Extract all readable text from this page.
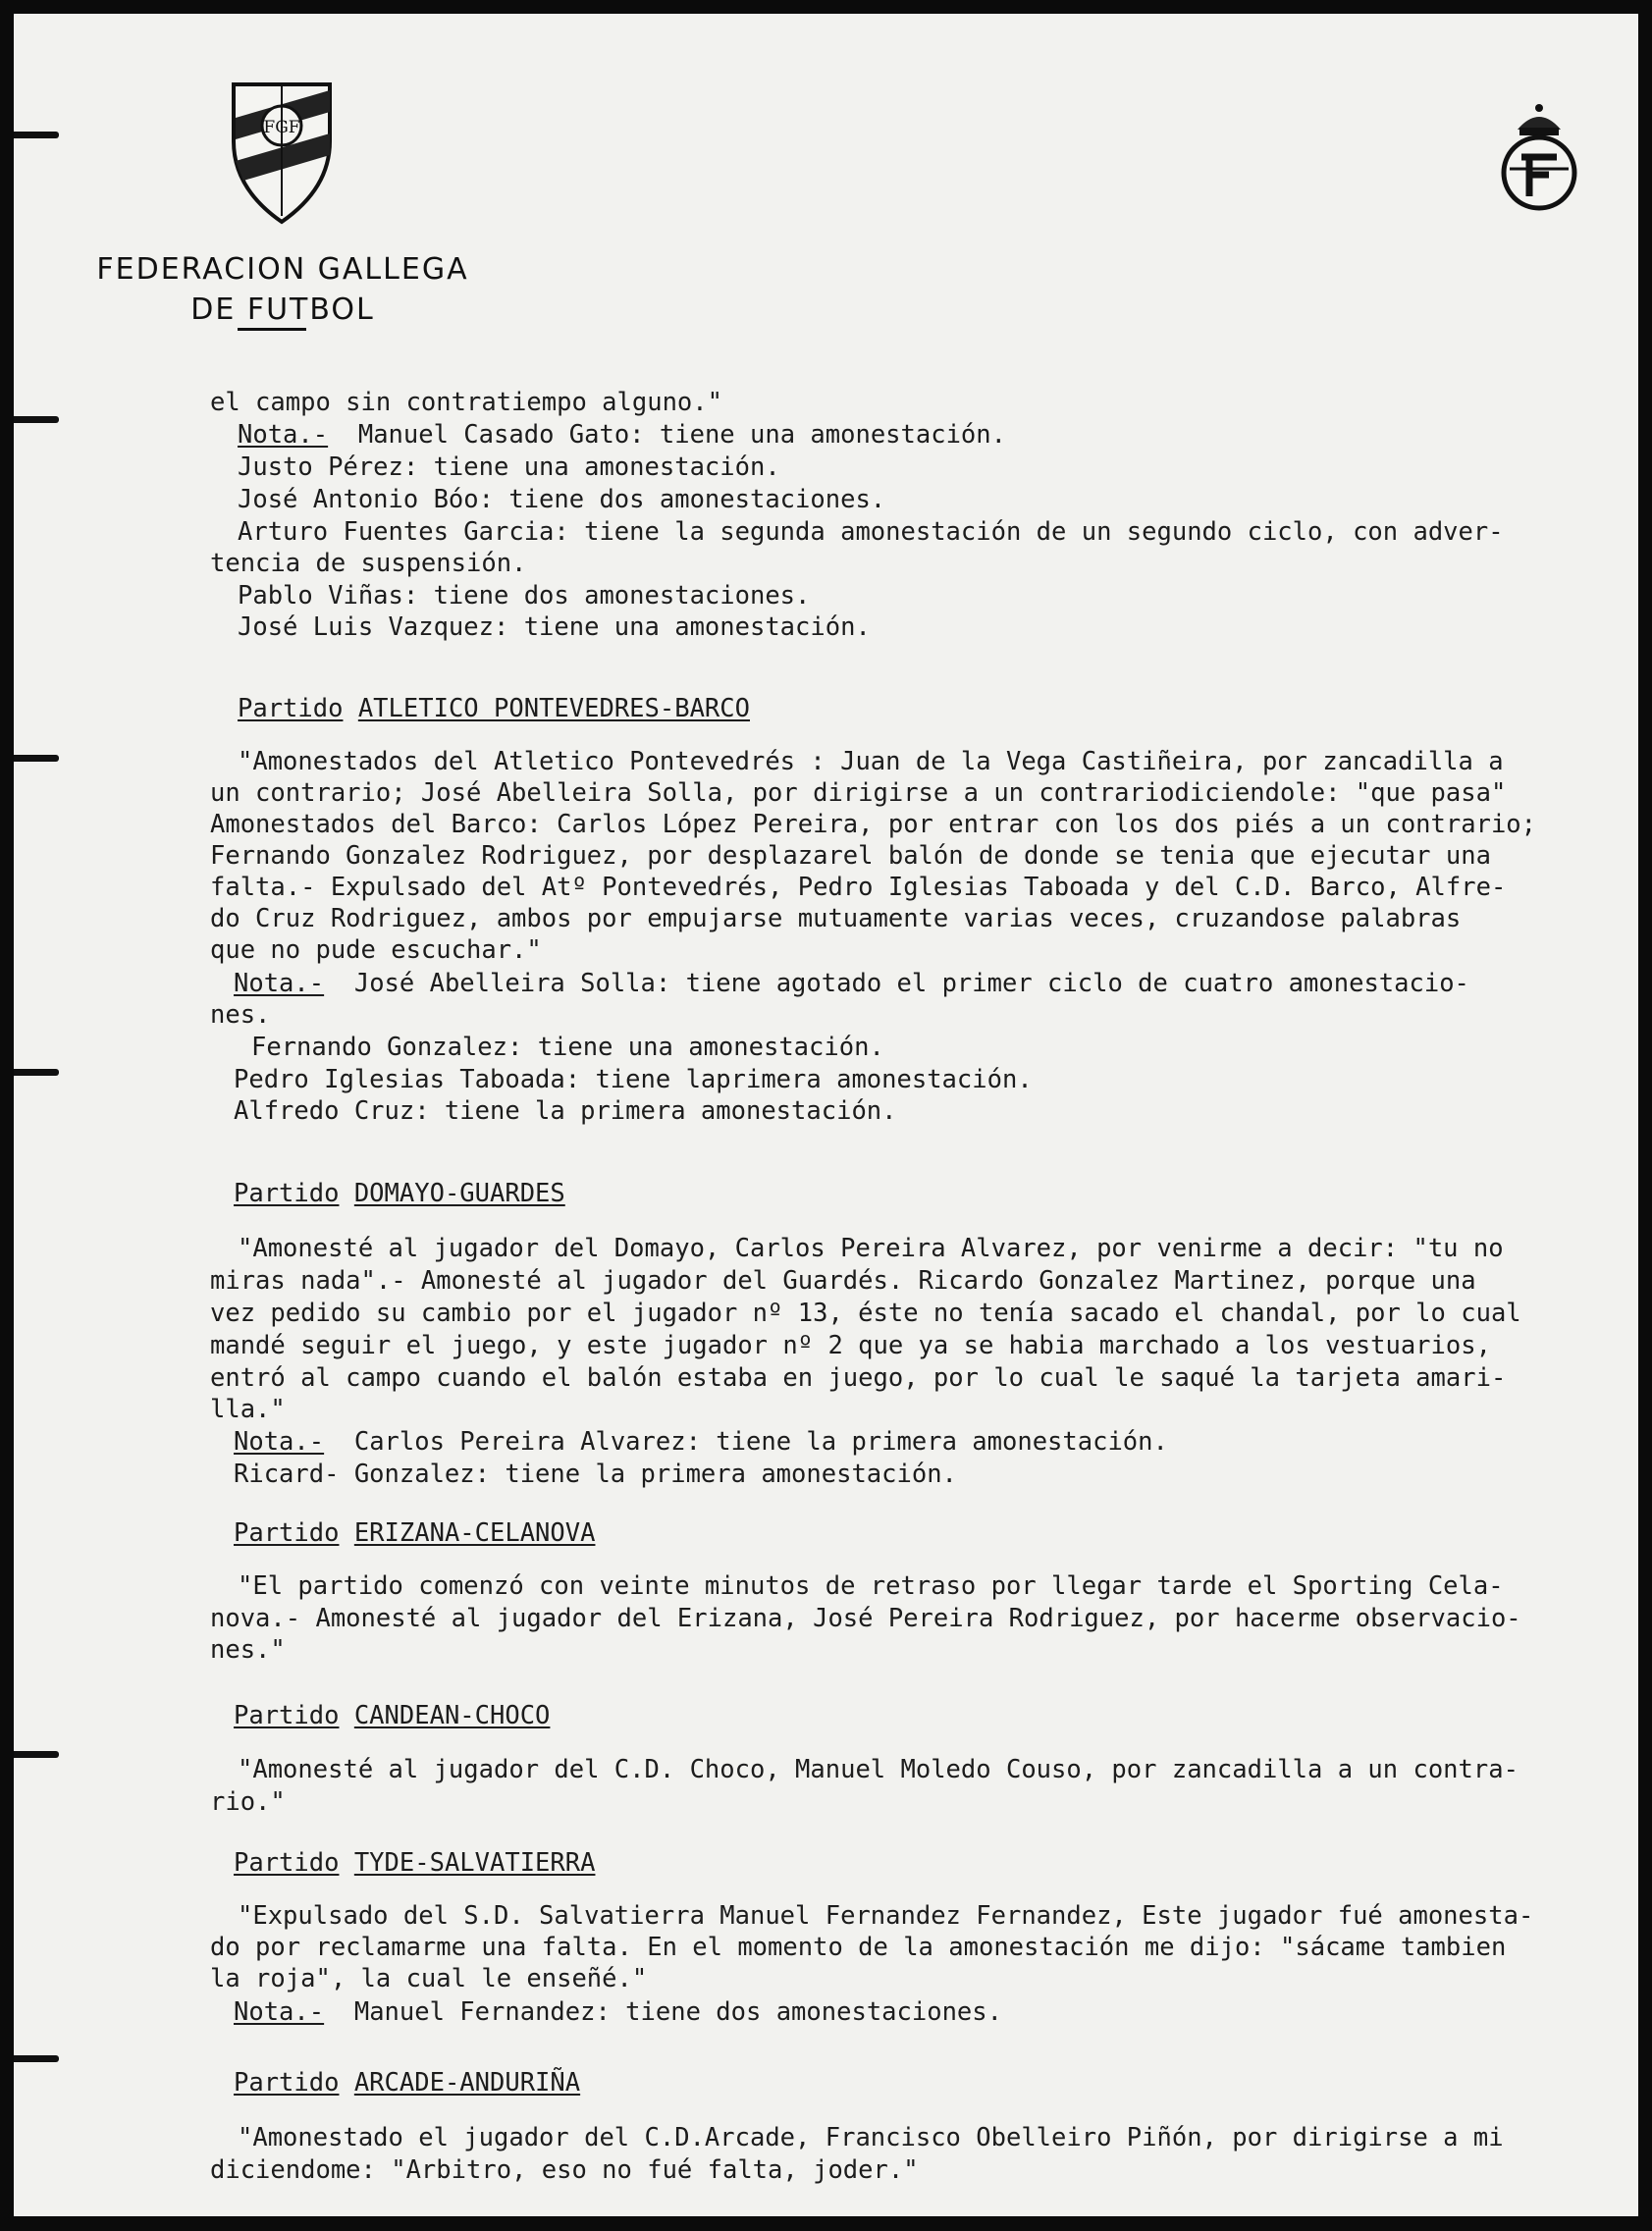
FGF
FEDERACION GALLEGA
DE FUTBOL
el campo sin contratiempo alguno."
Nota.- Manuel Casado Gato: tiene una amonestación.
Justo Pérez: tiene una amonestación.
José Antonio Bóo: tiene dos amonestaciones.
Arturo Fuentes Garcia: tiene la segunda amonestación de un segundo ciclo, con adver-
tencia de suspensión.
Pablo Viñas: tiene dos amonestaciones.
José Luis Vazquez: tiene una amonestación.
Partido ATLETICO PONTEVEDRES-BARCO
"Amonestados del Atletico Pontevedrés : Juan de la Vega Castiñeira, por zancadilla a
un contrario; José Abelleira Solla, por dirigirse a un contrariodiciendole: "que pasa"
Amonestados del Barco: Carlos López Pereira, por entrar con los dos piés a un contrario;
Fernando Gonzalez Rodriguez, por desplazarel balón de donde se tenia que ejecutar una
falta.- Expulsado del Atº Pontevedrés, Pedro Iglesias Taboada y del C.D. Barco, Alfre-
do Cruz Rodriguez, ambos por empujarse mutuamente varias veces, cruzandose palabras
que no pude escuchar."
Nota.- José Abelleira Solla: tiene agotado el primer ciclo de cuatro amonestacio-
nes.
Fernando Gonzalez: tiene una amonestación.
Pedro Iglesias Taboada: tiene laprimera amonestación.
Alfredo Cruz: tiene la primera amonestación.
Partido DOMAYO-GUARDES
"Amonesté al jugador del Domayo, Carlos Pereira Alvarez, por venirme a decir: "tu no
miras nada".- Amonesté al jugador del Guardés. Ricardo Gonzalez Martinez, porque una
vez pedido su cambio por el jugador nº 13, éste no tenía sacado el chandal, por lo cual
mandé seguir el juego, y este jugador nº 2 que ya se habia marchado a los vestuarios,
entró al campo cuando el balón estaba en juego, por lo cual le saqué la tarjeta amari-
lla."
Nota.- Carlos Pereira Alvarez: tiene la primera amonestación.
Ricard- Gonzalez: tiene la primera amonestación.
Partido ERIZANA-CELANOVA
"El partido comenzó con veinte minutos de retraso por llegar tarde el Sporting Cela-
nova.- Amonesté al jugador del Erizana, José Pereira Rodriguez, por hacerme observacio-
nes."
Partido CANDEAN-CHOCO
"Amonesté al jugador del C.D. Choco, Manuel Moledo Couso, por zancadilla a un contra-
rio."
Partido TYDE-SALVATIERRA
"Expulsado del S.D. Salvatierra Manuel Fernandez Fernandez, Este jugador fué amonesta-
do por reclamarme una falta. En el momento de la amonestación me dijo: "sácame tambien
la roja", la cual le enseñé."
Nota.- Manuel Fernandez: tiene dos amonestaciones.
Partido ARCADE-ANDURIÑA
"Amonestado el jugador del C.D.Arcade, Francisco Obelleiro Piñón, por dirigirse a mi
diciendome: "Arbitro, eso no fué falta, joder."
